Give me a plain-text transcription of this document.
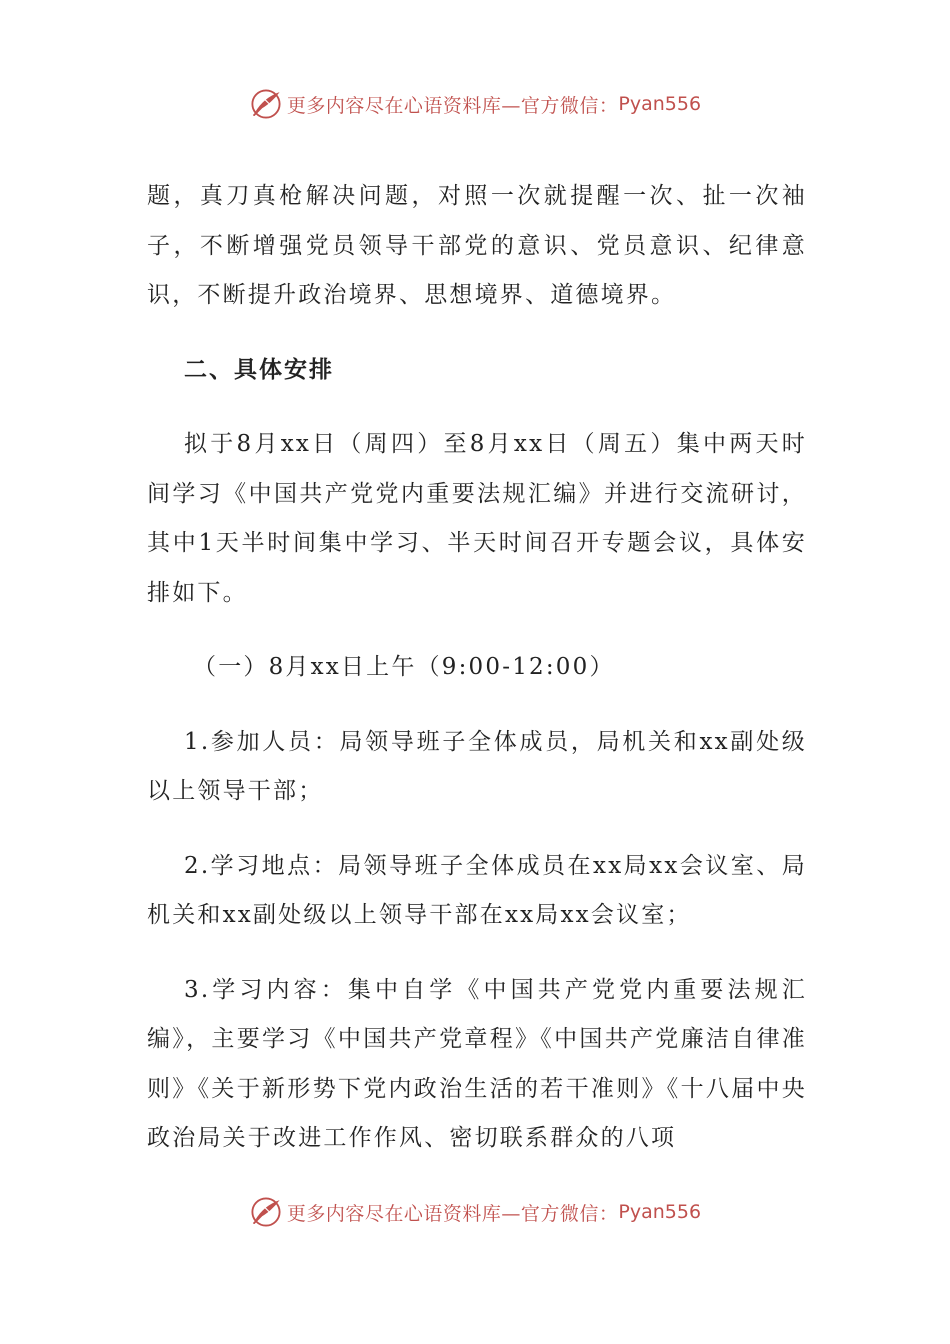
更多内容尽在心语资料库—官方微信： Pyan556

题，真刀真枪解决问题，对照一次就提醒一次、扯一次袖子，不断增强党员领导干部党的意识、党员意识、纪律意识，不断提升政治境界、思想境界、道德境界。

二、具体安排

拟于8月xx日（周四）至8月xx日（周五）集中两天时间学习《中国共产党党内重要法规汇编》并进行交流研讨，其中1天半时间集中学习、半天时间召开专题会议，具体安排如下。

（一）8月xx日上午（9:00-12:00）

1.参加人员：局领导班子全体成员，局机关和xx副处级以上领导干部；

2.学习地点：局领导班子全体成员在xx局xx会议室、局机关和xx副处级以上领导干部在xx局xx会议室；

3.学习内容：集中自学《中国共产党党内重要法规汇编》，主要学习《中国共产党章程》《中国共产党廉洁自律准则》《关于新形势下党内政治生活的若干准则》《十八届中央政治局关于改进工作作风、密切联系群众的八项

更多内容尽在心语资料库—官方微信： Pyan556
